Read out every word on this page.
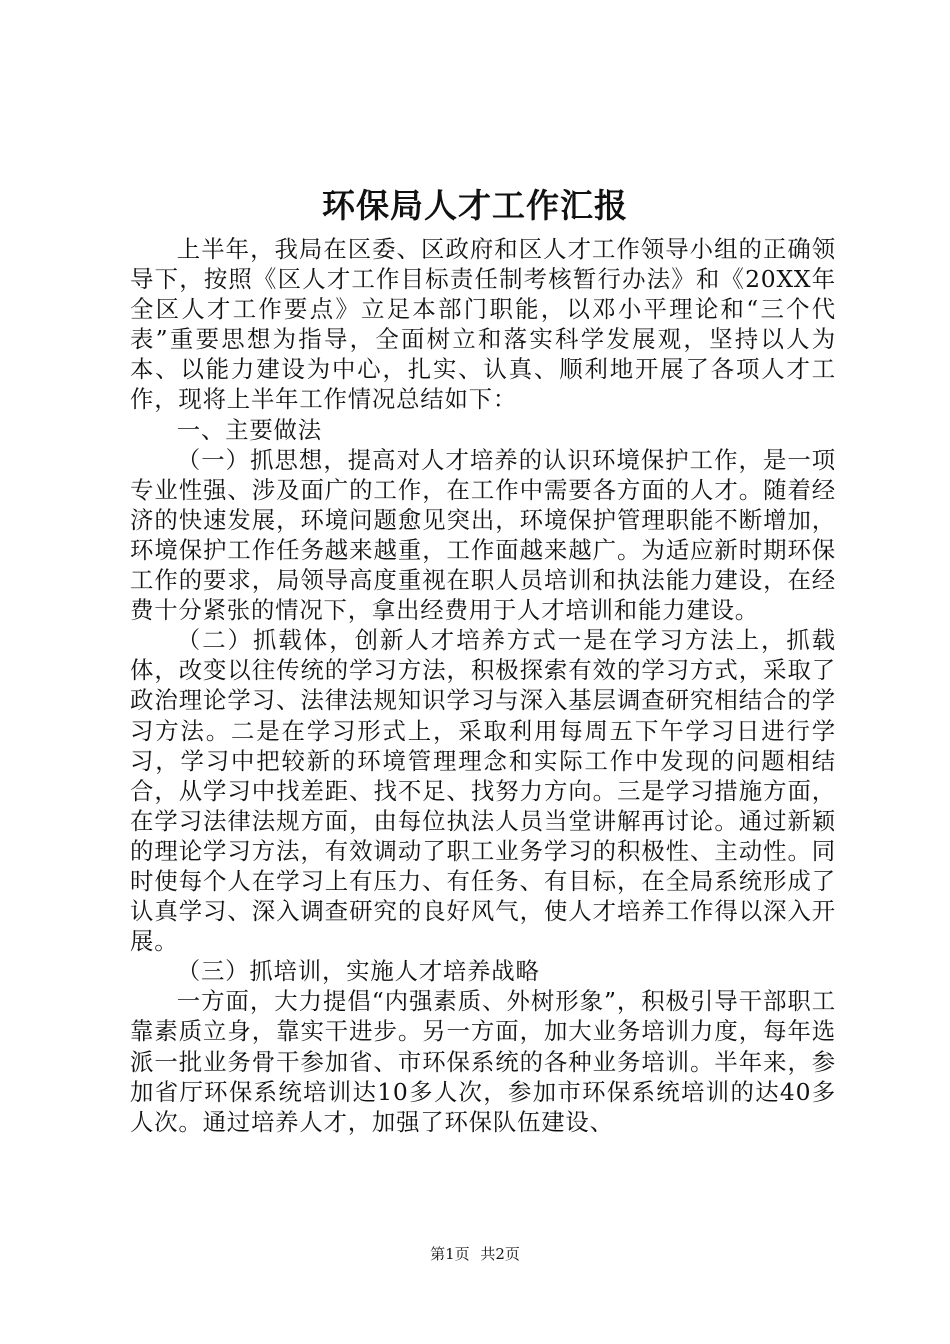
环保局人才工作汇报

上半年，我局在区委、区政府和区人才工作领导小组的正确领导下，按照《区人才工作目标责任制考核暂行办法》和《20XX年全区人才工作要点》立足本部门职能，以邓小平理论和“三个代表”重要思想为指导，全面树立和落实科学发展观，坚持以人为本、以能力建设为中心，扎实、认真、顺利地开展了各项人才工作，现将上半年工作情况总结如下：

一、主要做法

（一）抓思想，提高对人才培养的认识环境保护工作，是一项专业性强、涉及面广的工作，在工作中需要各方面的人才。随着经济的快速发展，环境问题愈见突出，环境保护管理职能不断增加，环境保护工作任务越来越重，工作面越来越广。为适应新时期环保工作的要求，局领导高度重视在职人员培训和执法能力建设，在经费十分紧张的情况下，拿出经费用于人才培训和能力建设。

（二）抓载体，创新人才培养方式一是在学习方法上，抓载体，改变以往传统的学习方法，积极探索有效的学习方式，采取了政治理论学习、法律法规知识学习与深入基层调查研究相结合的学习方法。二是在学习形式上，采取利用每周五下午学习日进行学习，学习中把较新的环境管理理念和实际工作中发现的问题相结合，从学习中找差距、找不足、找努力方向。三是学习措施方面，在学习法律法规方面，由每位执法人员当堂讲解再讨论。通过新颖的理论学习方法，有效调动了职工业务学习的积极性、主动性。同时使每个人在学习上有压力、有任务、有目标，在全局系统形成了认真学习、深入调查研究的良好风气，使人才培养工作得以深入开展。

（三）抓培训，实施人才培养战略

一方面，大力提倡“内强素质、外树形象”，积极引导干部职工靠素质立身，靠实干进步。另一方面，加大业务培训力度，每年选派一批业务骨干参加省、市环保系统的各种业务培训。半年来，参加省厅环保系统培训达10多人次，参加市环保系统培训的达40多人次。通过培养人才，加强了环保队伍建设、

第1页 共2页
